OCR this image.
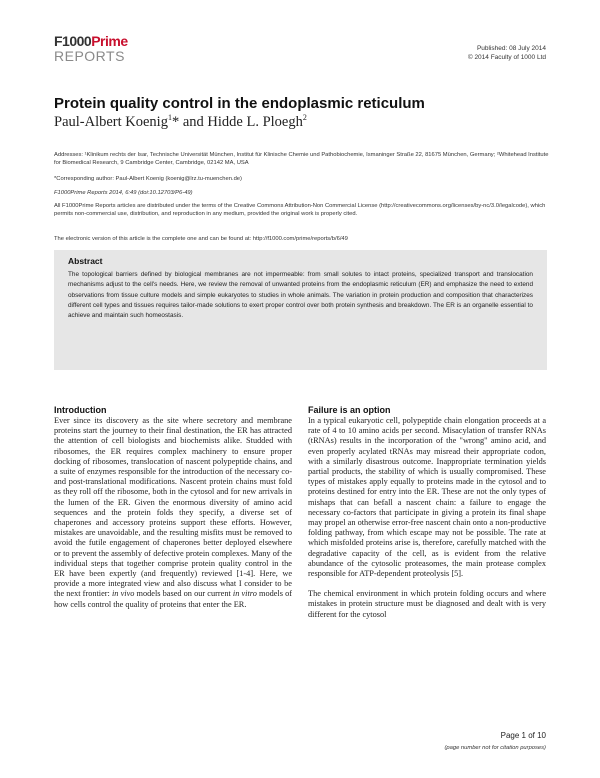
F1000Prime
REPORTS	Published: 08 July 2014
© 2014 Faculty of 1000 Ltd
Protein quality control in the endoplasmic reticulum
Paul-Albert Koenig$^1$* and Hidde L. Ploegh$^2$

Addresses: ¹Klinikum rechts der Isar, Technische Universität München, Institut für Klinische Chemie und Pathobiochemie, Ismaninger Straße 22, 81675 München, Germany; ²Whitehead Institute for Biomedical Research, 9 Cambridge Center, Cambridge, 02142 MA, USA

*Corresponding author: Paul-Albert Koenig (koenig@lrz.tu-muenchen.de)

F1000Prime Reports 2014, 6:49 (doi:10.12703/P6-49)

All F1000Prime Reports articles are distributed under the terms of the Creative Commons Attribution-Non Commercial License (http://creativecommons.org/licenses/by-nc/3.0/legalcode), which permits non-commercial use, distribution, and reproduction in any medium, provided the original work is properly cited.

The electronic version of this article is the complete one and can be found at: http://f1000.com/prime/reports/b/6/49

Abstract

The topological barriers defined by biological membranes are not impermeable: from small solutes to intact proteins, specialized transport and translocation mechanisms adjust to the cell's needs. Here, we review the removal of unwanted proteins from the endoplasmic reticulum (ER) and emphasize the need to extend observations from tissue culture models and simple eukaryotes to studies in whole animals. The variation in protein production and composition that characterizes different cell types and tissues requires tailor-made solutions to exert proper control over both protein synthesis and breakdown. The ER is an organelle essential to achieve and maintain such homeostasis.

Introduction

Ever since its discovery as the site where secretory and membrane proteins start the journey to their final destination, the ER has attracted the attention of cell biologists and biochemists alike. Studded with ribosomes, the ER requires complex machinery to ensure proper docking of ribosomes, translocation of nascent polypeptide chains, and a suite of enzymes responsible for the introduction of the necessary co- and post-translational modifications. Nascent protein chains must fold as they roll off the ribosome, both in the cytosol and for new arrivals in the lumen of the ER. Given the enormous diversity of amino acid sequences and the protein folds they specify, a diverse set of chaperones and accessory proteins support these efforts. However, mistakes are unavoidable, and the resulting misfits must be removed to avoid the futile engagement of chaperones better deployed elsewhere or to prevent the assembly of defective protein complexes. Many of the individual steps that together comprise protein quality control in the ER have been expertly (and frequently) reviewed [1-4]. Here, we provide a more integrated view and also discuss what I consider to be the next frontier: in vivo models based on our current in vitro models of how cells control the quality of proteins that enter the ER.

Failure is an option

In a typical eukaryotic cell, polypeptide chain elongation proceeds at a rate of 4 to 10 amino acids per second. Misacylation of transfer RNAs (tRNAs) results in the incorporation of the "wrong" amino acid, and even properly acylated tRNAs may misread their appropriate codon, with a similarly disastrous outcome. Inappropriate termination yields partial products, the stability of which is usually compromised. These types of mistakes apply equally to proteins made in the cytosol and to proteins destined for entry into the ER. These are not the only types of mishaps that can befall a nascent chain: a failure to engage the necessary co-factors that participate in giving a protein its final shape may propel an otherwise error-free nascent chain onto a non-productive folding pathway, from which escape may not be possible. The rate at which misfolded proteins arise is, therefore, carefully matched with the degradative capacity of the cell, as is evident from the relative abundance of the cytosolic proteasomes, the main protease complex responsible for ATP-dependent proteolysis [5].

The chemical environment in which protein folding occurs and where mistakes in protein structure must be diagnosed and dealt with is very different for the cytosol

Page 1 of 10
(page number not for citation purposes)
